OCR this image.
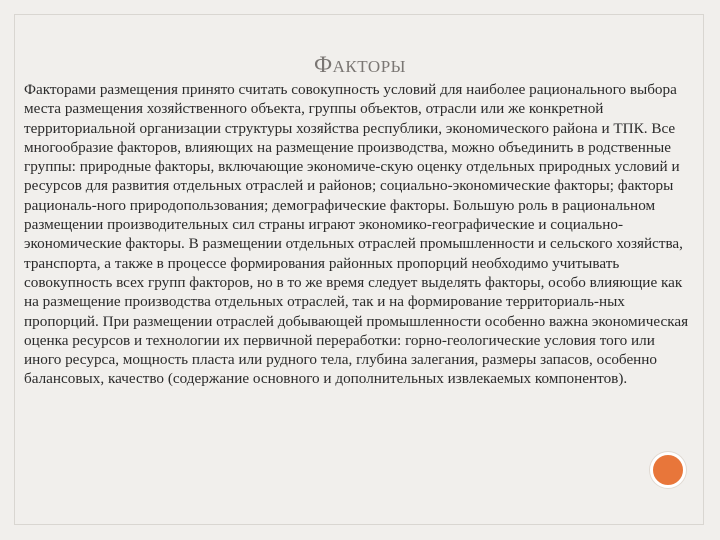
ФАКТОРЫ

Факторами размещения принято считать совокупность условий для наиболее рационального выбора места размещения хозяйственного объекта, группы объектов, отрасли или же конкретной территориальной организации структуры хозяйства республики, экономического района и ТПК. Все многообразие факторов, влияющих на размещение производства, можно объединить в родственные группы: природные факторы, включающие экономиче-скую оценку отдельных природных условий и ресурсов для развития отдельных отраслей и районов; социально-экономические факторы; факторы рациональ-ного природопользования; демографические факторы. Большую роль в рациональном размещении производительных сил страны играют экономико-географические и социально-экономические факторы. В размещении отдельных отраслей промышленности и сельского хозяйства, транспорта, а также в процессе формирования районных пропорций необходимо учитывать совокупность всех групп факторов, но в то же время следует выделять факторы, особо влияющие как на размещение производства отдельных отраслей, так и на формирование территориаль-ных пропорций. При размещении отраслей добывающей промышленности особенно важна экономическая оценка ресурсов и технологии их первичной переработки: горно-геологические условия того или иного ресурса, мощность пласта или рудного тела, глубина залегания, размеры запасов, особенно балансовых, качество (содержание основного и дополнительных извлекаемых компонентов).
